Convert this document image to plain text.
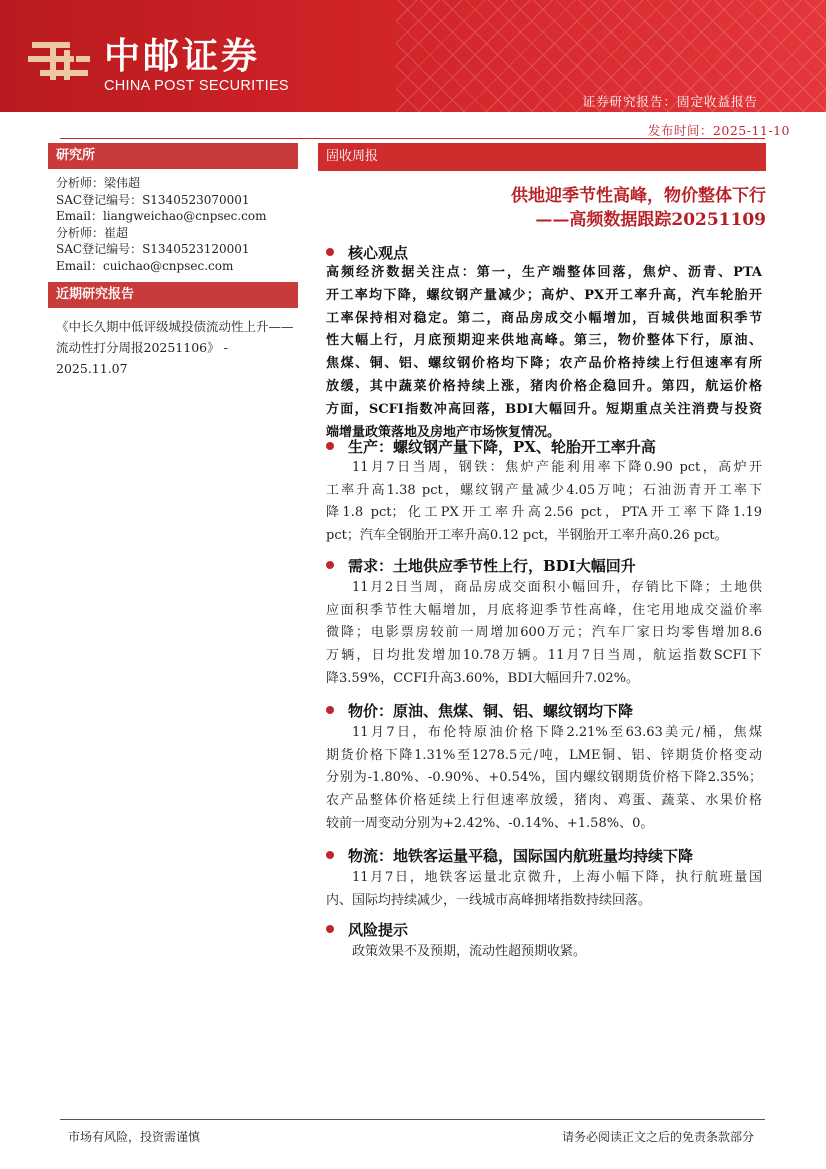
中邮证券
CHINA POST SECURITIES
证券研究报告：固定收益报告
发布时间：2025-11-10
研究所
分析师：梁伟超
SAC登记编号：S1340523070001
Email：liangweichao@cnpsec.com
分析师：崔超
SAC登记编号：S1340523120001
Email：cuichao@cnpsec.com
近期研究报告
《中长久期中低评级城投债流动性上升——流动性打分周报20251106》 - 2025.11.07
固收周报
供地迎季节性高峰，物价整体下行
——高频数据跟踪20251109
核心观点
高频经济数据关注点：第一，生产端整体回落，焦炉、沥青、PTA
开工率均下降，螺纹钢产量减少；高炉、PX开工率升高，汽车轮胎开
工率保持相对稳定。第二，商品房成交小幅增加，百城供地面积季节
性大幅上行，月底预期迎来供地高峰。第三，物价整体下行，原油、
焦煤、铜、铝、螺纹钢价格均下降；农产品价格持续上行但速率有所
放缓，其中蔬菜价格持续上涨，猪肉价格企稳回升。第四，航运价格
方面，SCFI指数冲高回落，BDI大幅回升。短期重点关注消费与投资
端增量政策落地及房地产市场恢复情况。
生产：螺纹钢产量下降，PX、轮胎开工率升高
11月7日当周，钢铁：焦炉产能利用率下降0.90 pct，高炉开
工率升高1.38 pct，螺纹钢产量减少4.05万吨；石油沥青开工率下
降1.8 pct；化工PX开工率升高2.56 pct，PTA开工率下降1.19
pct；汽车全钢胎开工率升高0.12 pct，半钢胎开工率升高0.26 pct。
需求：土地供应季节性上行，BDI大幅回升
11月2日当周，商品房成交面积小幅回升，存销比下降；土地供
应面积季节性大幅增加，月底将迎季节性高峰，住宅用地成交溢价率
微降；电影票房较前一周增加600万元；汽车厂家日均零售增加8.6
万辆，日均批发增加10.78万辆。11月7日当周，航运指数SCFI下
降3.59%，CCFI升高3.60%，BDI大幅回升7.02%。
物价：原油、焦煤、铜、铝、螺纹钢均下降
11月7日，布伦特原油价格下降2.21%至63.63美元/桶，焦煤
期货价格下降1.31%至1278.5元/吨，LME铜、铝、锌期货价格变动
分别为-1.80%、-0.90%、+0.54%，国内螺纹钢期货价格下降2.35%；
农产品整体价格延续上行但速率放缓，猪肉、鸡蛋、蔬菜、水果价格
较前一周变动分别为+2.42%、-0.14%、+1.58%、0。
物流：地铁客运量平稳，国际国内航班量均持续下降
11月7日，地铁客运量北京微升，上海小幅下降，执行航班量国
内、国际均持续减少，一线城市高峰拥堵指数持续回落。
风险提示
政策效果不及预期，流动性超预期收紧。
市场有风险，投资需谨慎	请务必阅读正文之后的免责条款部分
